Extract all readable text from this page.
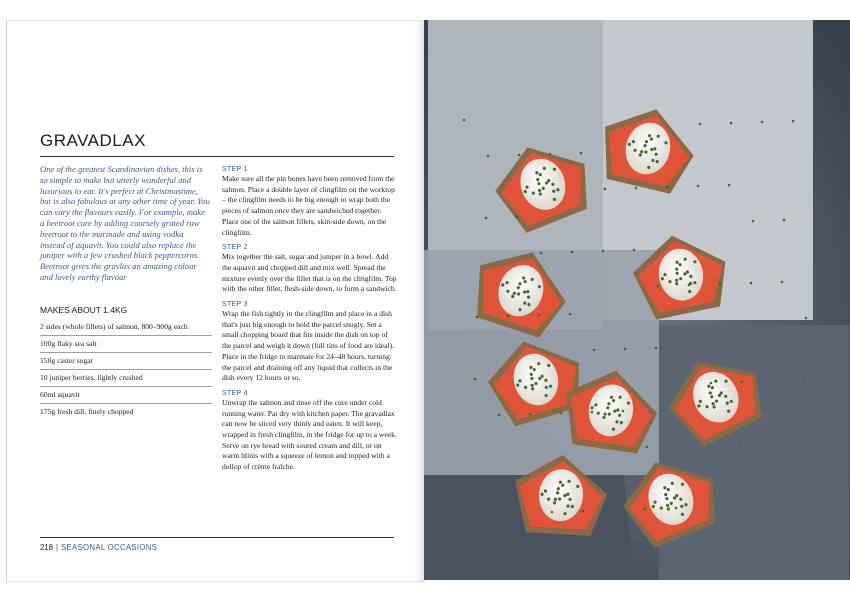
GRAVADLAX

One of the greatest Scandinavian dishes, this is so simple to make but utterly wonderful and luxurious to eat. It's perfect at Christmastime, but is also fabulous at any other time of year. You can vary the flavours easily. For example, make a beetroot cure by adding coarsely grated raw beetroot to the marinade and using vodka instead of aquavit. You could also replace the juniper with a few crushed black peppercorns. Beetroot gives the gravlax an amazing colour and lovely earthy flavour

MAKES ABOUT 1.4KG

2 sides (whole fillets) of salmon, 800–900g each
100g flaky sea salt
150g caster sugar
10 juniper berries, lightly crushed
60ml aquavit
175g fresh dill, finely chopped

STEP 1

Make sure all the pin bones have been removed from the salmon. Place a double layer of clingfilm on the worktop – the clingfilm needs to be big enough to wrap both the pieces of salmon once they are sandwiched together. Place one of the salmon fillets, skin-side down, on the clingfilm.

STEP 2

Mix together the salt, sugar and juniper in a bowl. Add the aquavit and chopped dill and mix well. Spread the mixture evenly over the fillet that is on the clingfilm. Top with the other fillet, flesh-side down, to form a sandwich.

STEP 3

Wrap the fish tightly in the clingfilm and place in a dish that's just big enough to hold the parcel snugly. Set a small chopping board that fits inside the dish on top of the parcel and weigh it down (full tins of food are ideal). Place in the fridge to marinate for 24–48 hours, turning the parcel and draining off any liquid that collects in the dish every 12 hours or so.

STEP 4

Unwrap the salmon and rinse off the cure under cold running water. Pat dry with kitchen paper. The gravadlax can now be sliced very thinly and eaten. It will keep, wrapped in fresh clingfilm, in the fridge for up to a week. Serve on rye bread with soured cream and dill, or on warm blinis with a squeeze of lemon and topped with a dollop of crème fraîche.

218 | SEASONAL OCCASIONS
